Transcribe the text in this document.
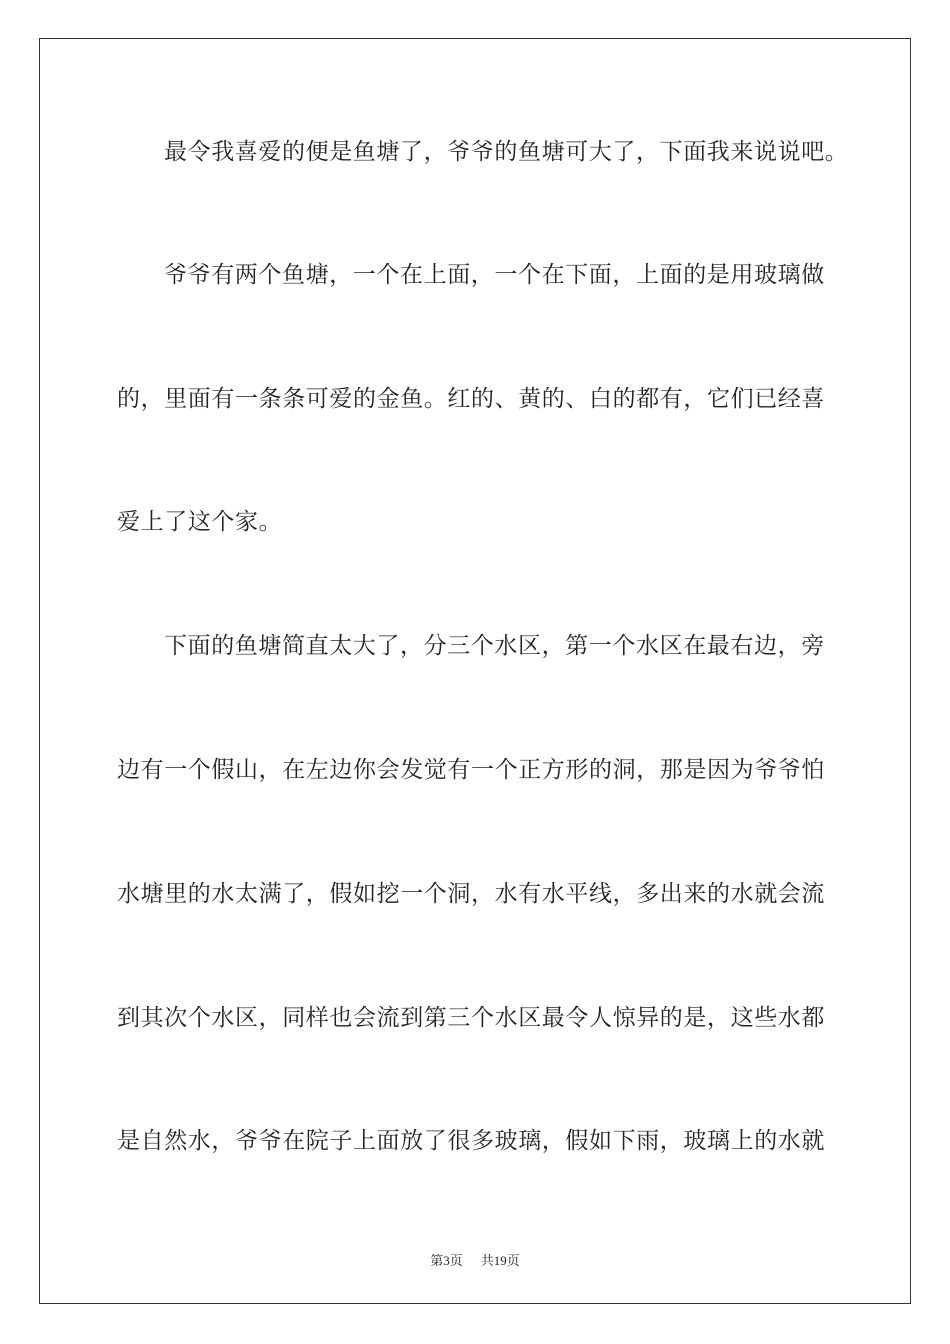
最令我喜爱的便是鱼塘了，爷爷的鱼塘可大了，下面我来说说吧。

爷爷有两个鱼塘，一个在上面，一个在下面，上面的是用玻璃做

的，里面有一条条可爱的金鱼。红的、黄的、白的都有，它们已经喜

爱上了这个家。

下面的鱼塘简直太大了，分三个水区，第一个水区在最右边，旁

边有一个假山，在左边你会发觉有一个正方形的洞，那是因为爷爷怕

水塘里的水太满了，假如挖一个洞，水有水平线，多出来的水就会流

到其次个水区，同样也会流到第三个水区最令人惊异的是，这些水都

是自然水，爷爷在院子上面放了很多玻璃，假如下雨，玻璃上的水就

第3页 共19页
